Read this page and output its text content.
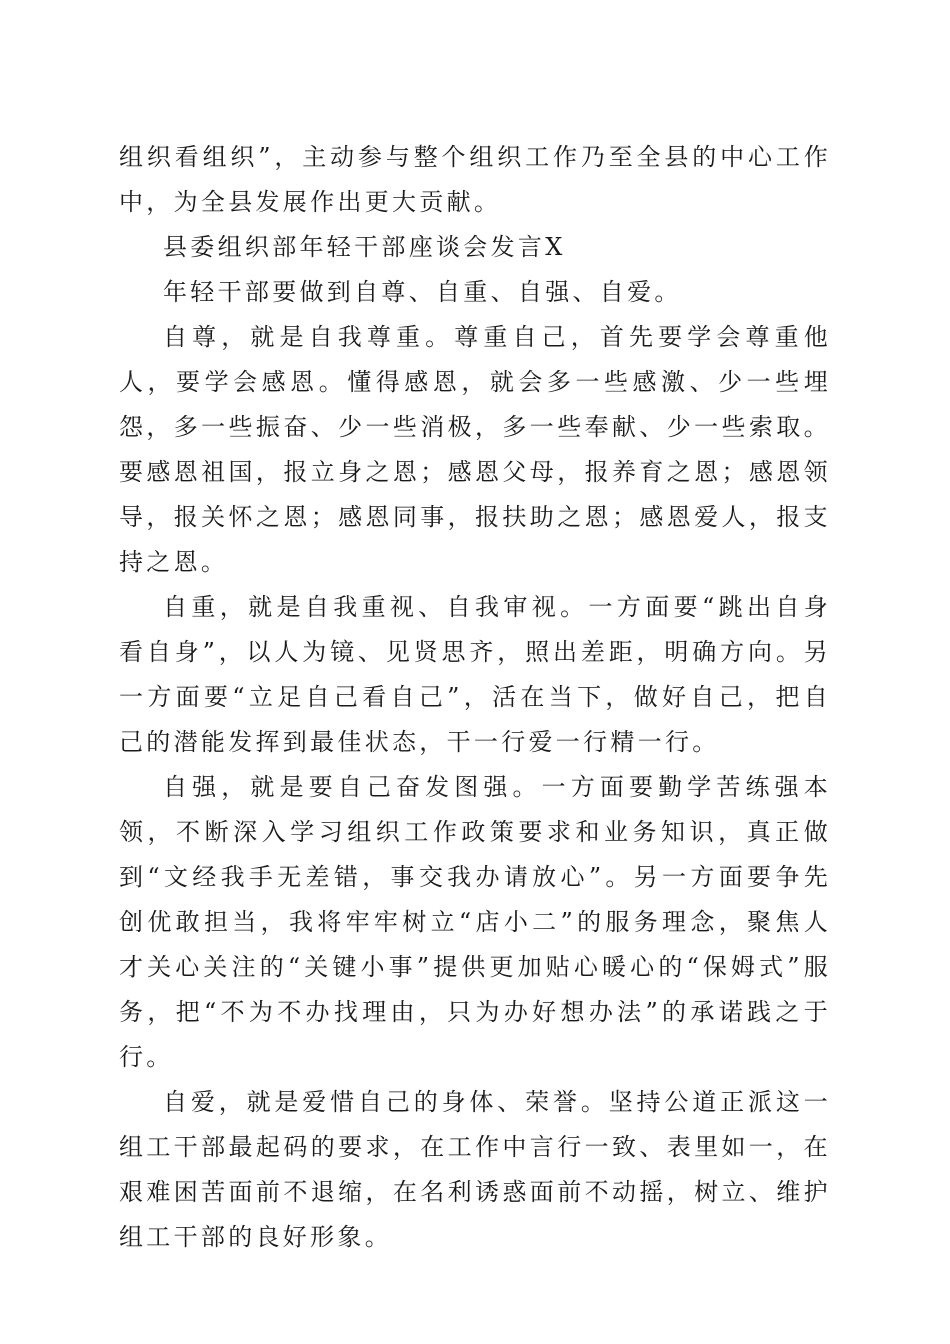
组织看组织”，主动参与整个组织工作乃至全县的中心工作中，为全县发展作出更大贡献。

县委组织部年轻干部座谈会发言X

年轻干部要做到自尊、自重、自强、自爱。

自尊，就是自我尊重。尊重自己，首先要学会尊重他人，要学会感恩。懂得感恩，就会多一些感激、少一些埋怨，多一些振奋、少一些消极，多一些奉献、少一些索取。要感恩祖国，报立身之恩；感恩父母，报养育之恩；感恩领导，报关怀之恩；感恩同事，报扶助之恩；感恩爱人，报支持之恩。

自重，就是自我重视、自我审视。一方面要“跳出自身看自身”，以人为镜、见贤思齐，照出差距，明确方向。另一方面要“立足自己看自己”，活在当下，做好自己，把自己的潜能发挥到最佳状态，干一行爱一行精一行。

自强，就是要自己奋发图强。一方面要勤学苦练强本领，不断深入学习组织工作政策要求和业务知识，真正做到“文经我手无差错，事交我办请放心”。另一方面要争先创优敢担当，我将牢牢树立“店小二”的服务理念，聚焦人才关心关注的“关键小事”提供更加贴心暖心的“保姆式”服务，把“不为不办找理由，只为办好想办法”的承诺践之于行。

自爱，就是爱惜自己的身体、荣誉。坚持公道正派这一组工干部最起码的要求，在工作中言行一致、表里如一，在艰难困苦面前不退缩，在名利诱惑面前不动摇，树立、维护组工干部的良好形象。
